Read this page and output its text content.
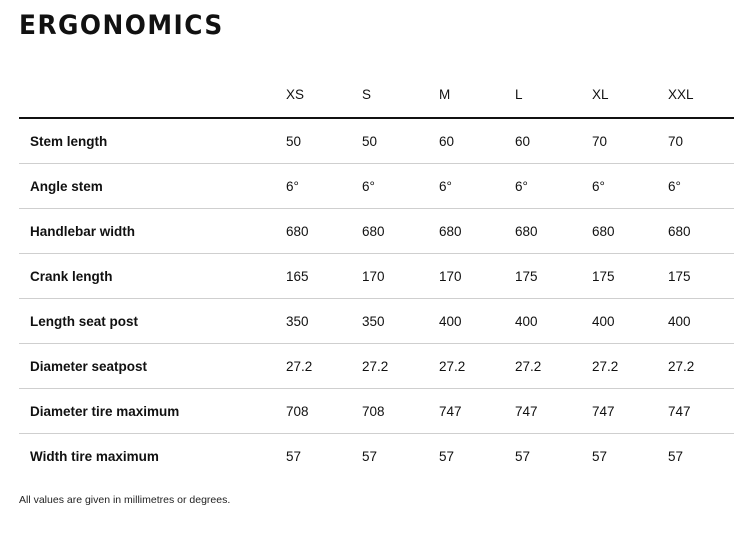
ERGONOMICS
	XS	S	M	L	XL	XXL
Stem length	50	50	60	60	70	70
Angle stem	6°	6°	6°	6°	6°	6°
Handlebar width	680	680	680	680	680	680
Crank length	165	170	170	175	175	175
Length seat post	350	350	400	400	400	400
Diameter seatpost	27.2	27.2	27.2	27.2	27.2	27.2
Diameter tire maximum	708	708	747	747	747	747
Width tire maximum	57	57	57	57	57	57
All values are given in millimetres or degrees.
